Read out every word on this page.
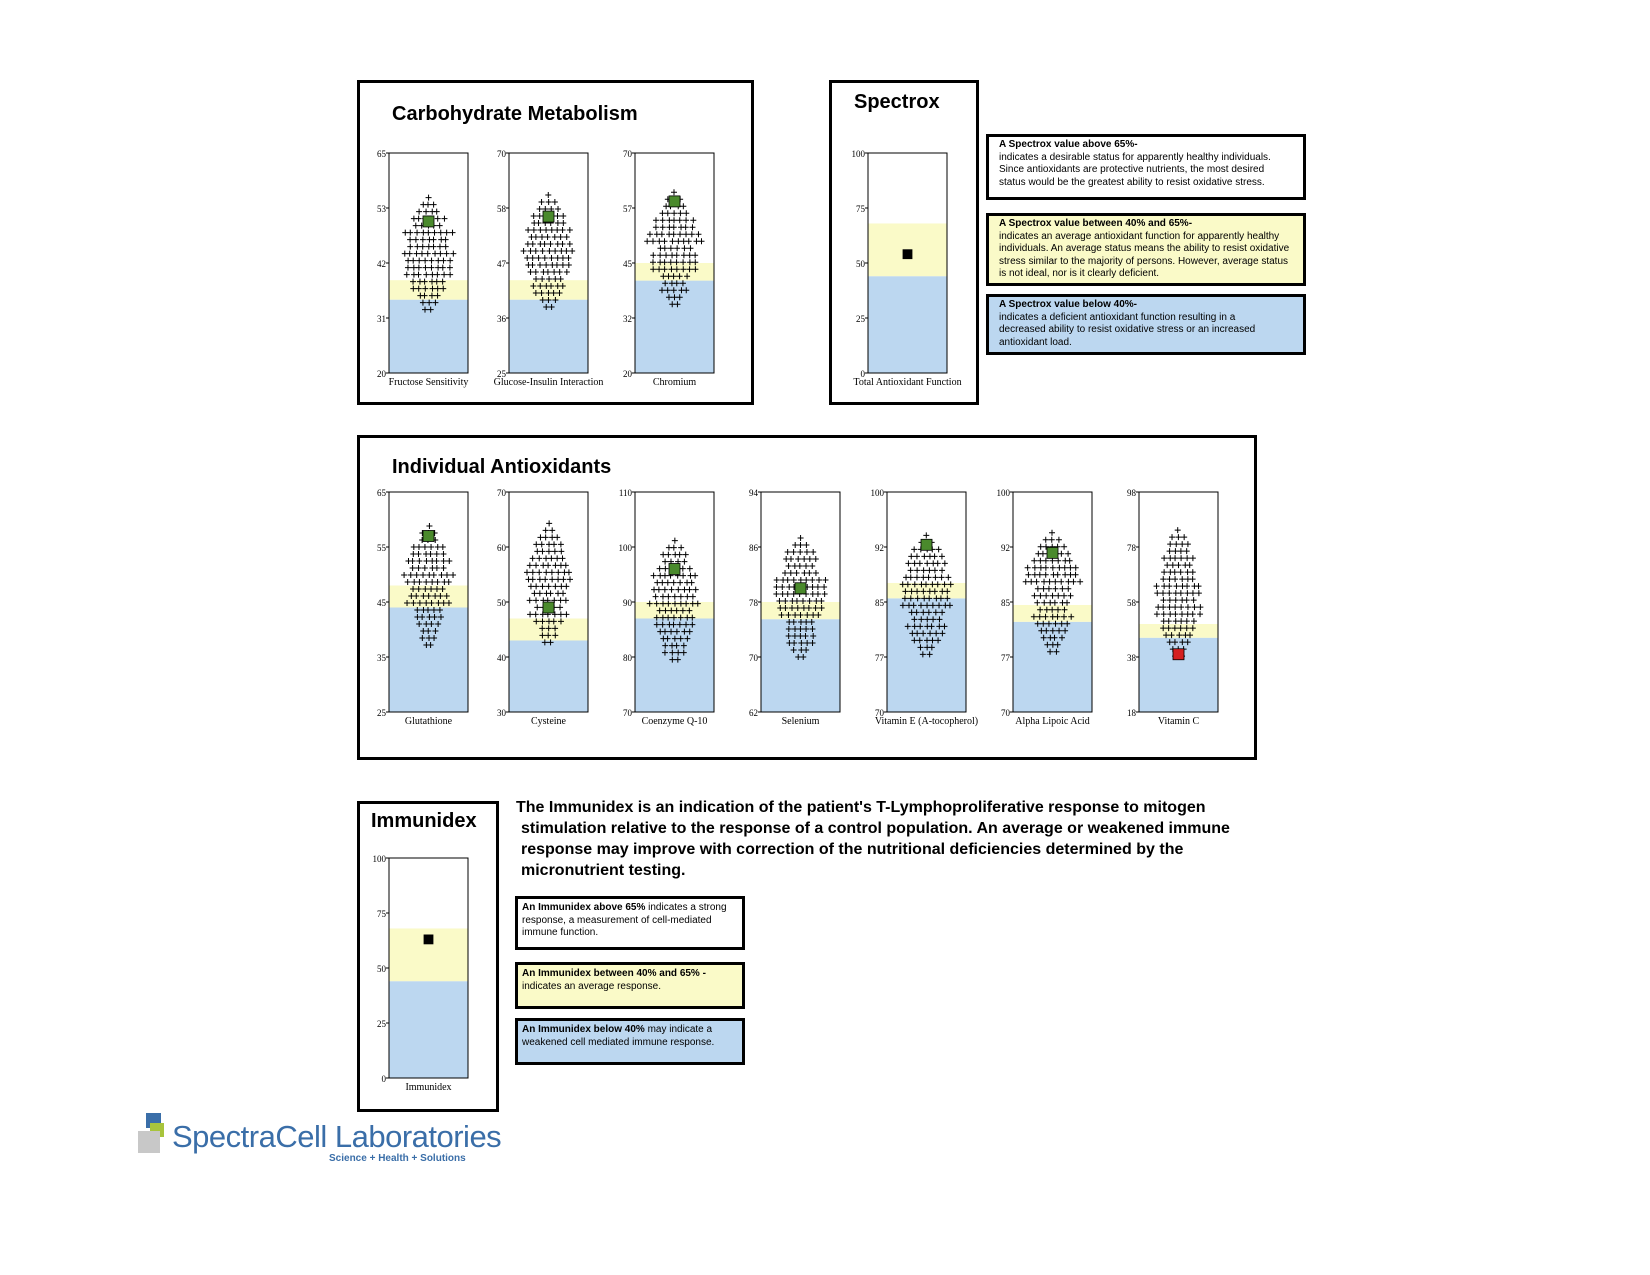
Carbohydrate Metabolism
Spectrox
A Spectrox value above 65%-
indicates a desirable status for apparently healthy individuals. Since antioxidants are protective nutrients, the most desired status would be the greatest ability to resist oxidative stress.
A Spectrox value between 40% and 65%-
indicates an average antioxidant function for apparently healthy individuals. An average status means the ability to resist oxidative stress similar to the majority of persons. However, average status is not ideal, nor is it clearly deficient.
A Spectrox value below 40%-
indicates a deficient antioxidant function resulting in a decreased ability to resist oxidative stress or an increased antioxidant load.
Individual Antioxidants
Immunidex
The Immunidex is an indication of the patient's T-Lymphoproliferative response to mitogen stimulation relative to the response of a control population. An average or weakened immune response may improve with correction of the nutritional deficiencies determined by the micronutrient testing.
An Immunidex above 65% indicates a strong response, a measurement of cell-mediated immune function.
An Immunidex between 40% and 65% - indicates an average response.
An Immunidex below 40% may indicate a weakened cell mediated immune response.
SpectraCell Laboratories
Science + Health + Solutions
65
53
42
31
20
Fructose Sensitivity
70
58
47
36
25
Glucose-Insulin Interaction
70
57
45
32
20
Chromium
100
75
50
25
0
Total Antioxidant Function
65
55
45
35
25
Glutathione
70
60
50
40
30
Cysteine
110
100
90
80
70
Coenzyme Q-10
94
86
78
70
62
Selenium
100
92
85
77
70
Vitamin E (A-tocopherol)
100
92
85
77
70
Alpha Lipoic Acid
98
78
58
38
18
Vitamin C
100
75
50
25
0
Immunidex
